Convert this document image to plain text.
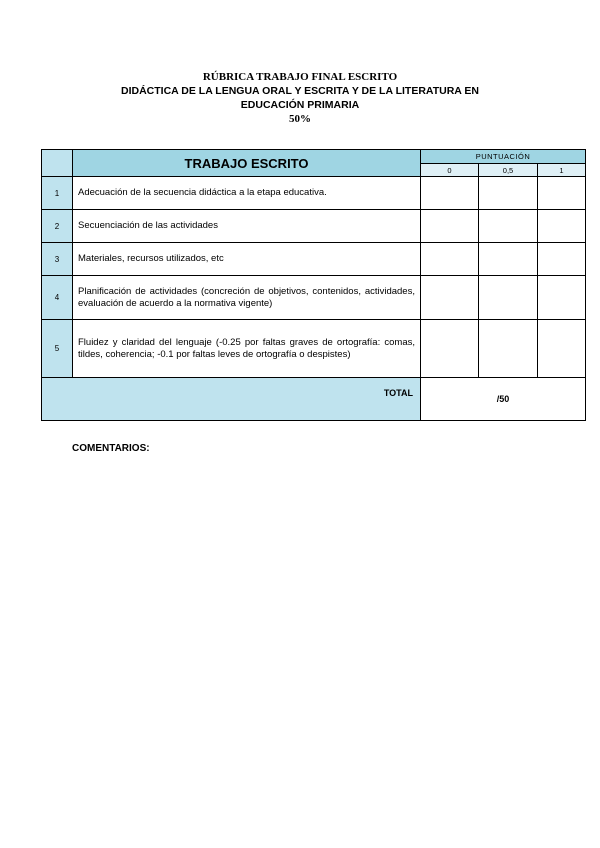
RÚBRICA TRABAJO FINAL ESCRITO
DIDÁCTICA DE LA LENGUA ORAL Y ESCRITA Y DE LA LITERATURA EN
EDUCACIÓN PRIMARIA
50%
	TRABAJO ESCRITO	PUNTUACIÓN		
		0	0,5	1
1	Adecuación de la secuencia didáctica a la etapa educativa.			
2	Secuenciación de las actividades			
3	Materiales, recursos utilizados, etc			
4	Planificación de actividades (concreción de objetivos, contenidos, actividades, evaluación de acuerdo a la normativa vigente)			
5	Fluidez y claridad del lenguaje (-0.25 por faltas graves de ortografía: comas, tildes, coherencia; -0.1 por faltas leves de ortografía o despistes)			
TOTAL		/50		
COMENTARIOS:
